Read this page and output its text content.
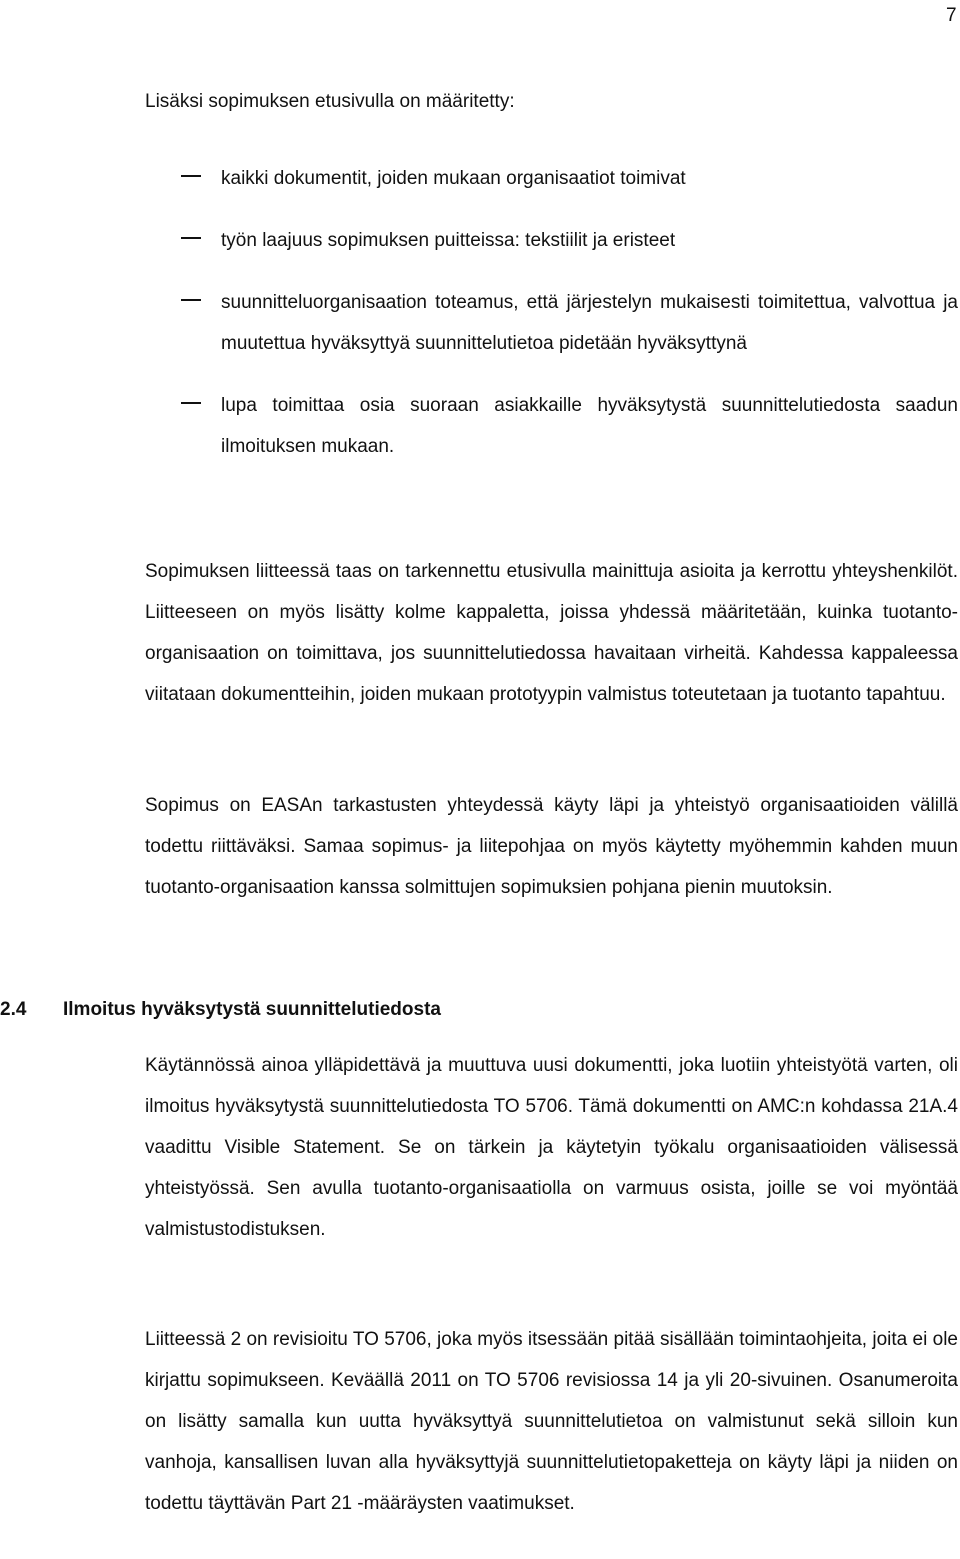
7
Lisäksi sopimuksen etusivulla on määritetty:
kaikki dokumentit, joiden mukaan organisaatiot toimivat
työn laajuus sopimuksen puitteissa: tekstiilit ja eristeet
suunnitteluorganisaation toteamus, että järjestelyn mukaisesti toimitettua, valvottua ja muutettua hyväksyttyä suunnittelutietoa pidetään hyväksyttynä
lupa toimittaa osia suoraan asiakkaille hyväksytystä suunnittelutiedosta saadun ilmoituksen mukaan.
Sopimuksen liitteessä taas on tarkennettu etusivulla mainittuja asioita ja kerrottu yhteyshenkilöt. Liitteeseen on myös lisätty kolme kappaletta, joissa yhdessä määritetään, kuinka tuotanto-organisaation on toimittava, jos suunnittelutiedossa havaitaan virheitä. Kahdessa kappaleessa viitataan dokumentteihin, joiden mukaan prototyypin valmistus toteutetaan ja tuotanto tapahtuu.
Sopimus on EASAn tarkastusten yhteydessä käyty läpi ja yhteistyö organisaatioiden välillä todettu riittäväksi. Samaa sopimus- ja liitepohjaa on myös käytetty myöhemmin kahden muun tuotanto-organisaation kanssa solmittujen sopimuksien pohjana pienin muutoksin.
2.4 Ilmoitus hyväksytystä suunnittelutiedosta
Käytännössä ainoa ylläpidettävä ja muuttuva uusi dokumentti, joka luotiin yhteistyötä varten, oli ilmoitus hyväksytystä suunnittelutiedosta TO 5706. Tämä dokumentti on AMC:n kohdassa 21A.4 vaadittu Visible Statement. Se on tärkein ja käytetyin työkalu organisaatioiden välisessä yhteistyössä. Sen avulla tuotanto-organisaatiolla on varmuus osista, joille se voi myöntää valmistustodistuksen.
Liitteessä 2 on revisioitu TO 5706, joka myös itsessään pitää sisällään toimintaohjeita, joita ei ole kirjattu sopimukseen. Keväällä 2011 on TO 5706 revisiossa 14 ja yli 20-sivuinen. Osanumeroita on lisätty samalla kun uutta hyväksyttyä suunnittelutietoa on valmistunut sekä silloin kun vanhoja, kansallisen luvan alla hyväksyttyjä suunnittelutietopaketteja on käyty läpi ja niiden on todettu täyttävän Part 21 -määräysten vaatimukset.
